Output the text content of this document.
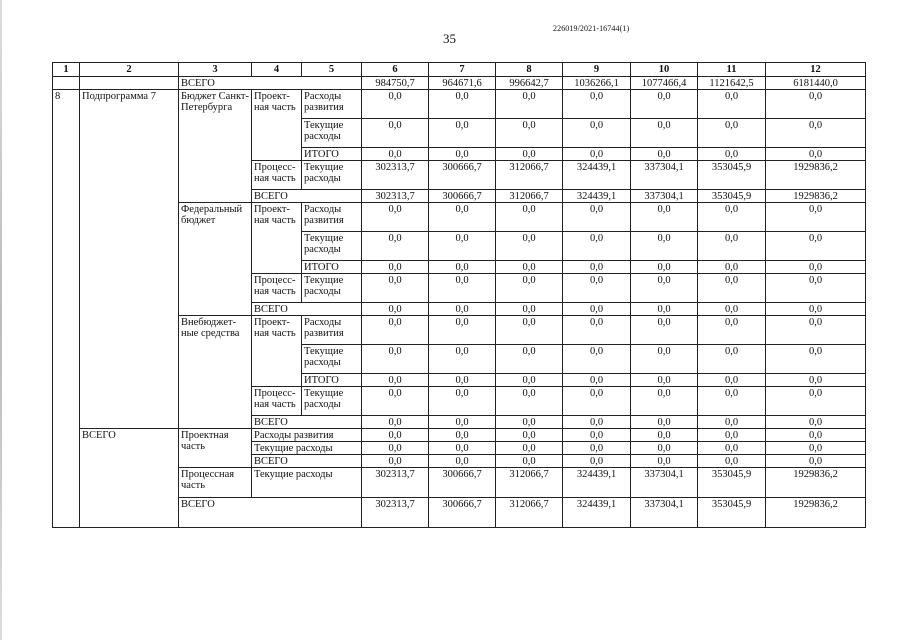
226019/2021-16744(1)
35
1	2	3	4	5	6	7	8	9	10	11	12
		ВСЕГО			984750,7	964671,6	996642,7	1036266,1	1077466,4	1121642,5	6181440,0
8	Подпрограмма 7	Бюджет Санкт-Петербурга	Проект-ная часть	Расходы развития	0,0	0,0	0,0	0,0	0,0	0,0	0,0
				Текущие расходы	0,0	0,0	0,0	0,0	0,0	0,0	0,0
				ИТОГО	0,0	0,0	0,0	0,0	0,0	0,0	0,0
			Процесс-ная часть	Текущие расходы	302313,7	300666,7	312066,7	324439,1	337304,1	353045,9	1929836,2
			ВСЕГО		302313,7	300666,7	312066,7	324439,1	337304,1	353045,9	1929836,2
		Федеральный бюджет	Проект-ная часть	Расходы развития	0,0	0,0	0,0	0,0	0,0	0,0	0,0
				Текущие расходы	0,0	0,0	0,0	0,0	0,0	0,0	0,0
				ИТОГО	0,0	0,0	0,0	0,0	0,0	0,0	0,0
			Процесс-ная часть	Текущие расходы	0,0	0,0	0,0	0,0	0,0	0,0	0,0
			ВСЕГО		0,0	0,0	0,0	0,0	0,0	0,0	0,0
		Внебюджет-ные средства	Проект-ная часть	Расходы развития	0,0	0,0	0,0	0,0	0,0	0,0	0,0
				Текущие расходы	0,0	0,0	0,0	0,0	0,0	0,0	0,0
				ИТОГО	0,0	0,0	0,0	0,0	0,0	0,0	0,0
			Процесс-ная часть	Текущие расходы	0,0	0,0	0,0	0,0	0,0	0,0	0,0
			ВСЕГО		0,0	0,0	0,0	0,0	0,0	0,0	0,0
	ВСЕГО	Проектная часть	Расходы развития		0,0	0,0	0,0	0,0	0,0	0,0	0,0
			Текущие расходы		0,0	0,0	0,0	0,0	0,0	0,0	0,0
			ВСЕГО		0,0	0,0	0,0	0,0	0,0	0,0	0,0
		Процессная часть	Текущие расходы		302313,7	300666,7	312066,7	324439,1	337304,1	353045,9	1929836,2
		ВСЕГО			302313,7	300666,7	312066,7	324439,1	337304,1	353045,9	1929836,2
